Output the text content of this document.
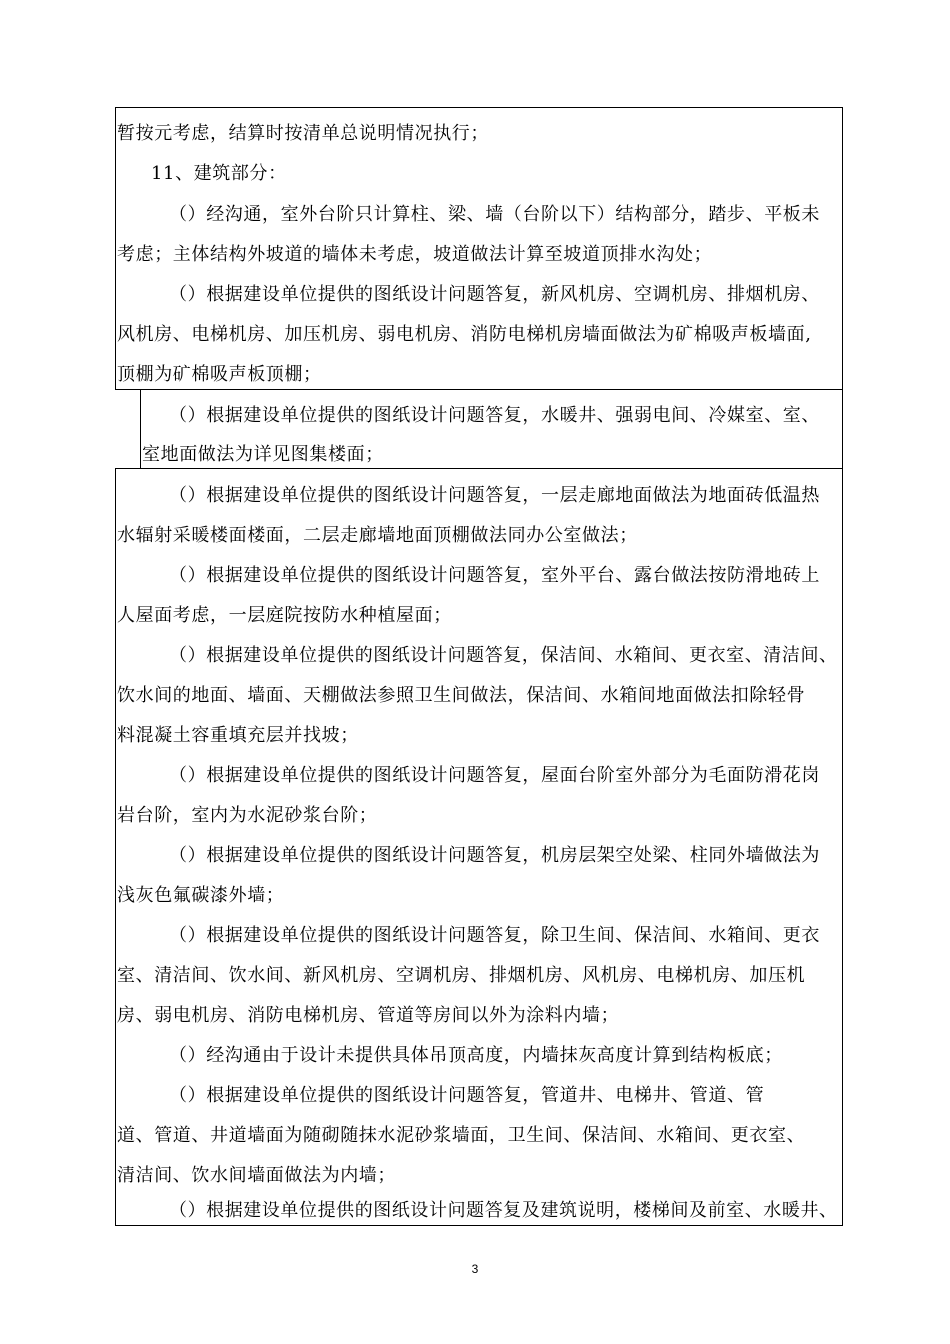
暂按元考虑，结算时按清单总说明情况执行；
11、建筑部分：
（）经沟通，室外台阶只计算柱、梁、墙（台阶以下）结构部分，踏步、平板未
考虑；主体结构外坡道的墙体未考虑，坡道做法计算至坡道顶排水沟处；
（）根据建设单位提供的图纸设计问题答复，新风机房、空调机房、排烟机房、
风机房、电梯机房、加压机房、弱电机房、消防电梯机房墙面做法为矿棉吸声板墙面,
顶棚为矿棉吸声板顶棚；
（）根据建设单位提供的图纸设计问题答复，水暖井、强弱电间、冷媒室、室、
室地面做法为详见图集楼面；
（）根据建设单位提供的图纸设计问题答复，一层走廊地面做法为地面砖低温热
水辐射采暖楼面楼面，二层走廊墙地面顶棚做法同办公室做法；
（）根据建设单位提供的图纸设计问题答复，室外平台、露台做法按防滑地砖上
人屋面考虑，一层庭院按防水种植屋面；
（）根据建设单位提供的图纸设计问题答复，保洁间、水箱间、更衣室、清洁间、
饮水间的地面、墙面、天棚做法参照卫生间做法，保洁间、水箱间地面做法扣除轻骨
料混凝土容重填充层并找坡；
（）根据建设单位提供的图纸设计问题答复，屋面台阶室外部分为毛面防滑花岗
岩台阶，室内为水泥砂浆台阶；
（）根据建设单位提供的图纸设计问题答复，机房层架空处梁、柱同外墙做法为
浅灰色氟碳漆外墙；
（）根据建设单位提供的图纸设计问题答复，除卫生间、保洁间、水箱间、更衣
室、清洁间、饮水间、新风机房、空调机房、排烟机房、风机房、电梯机房、加压机
房、弱电机房、消防电梯机房、管道等房间以外为涂料内墙；
（）经沟通由于设计未提供具体吊顶高度，内墙抹灰高度计算到结构板底；
（）根据建设单位提供的图纸设计问题答复，管道井、电梯井、管道、管
道、管道、井道墙面为随砌随抹水泥砂浆墙面，卫生间、保洁间、水箱间、更衣室、
清洁间、饮水间墙面做法为内墙；
（）根据建设单位提供的图纸设计问题答复及建筑说明，楼梯间及前室、水暖井、
3
